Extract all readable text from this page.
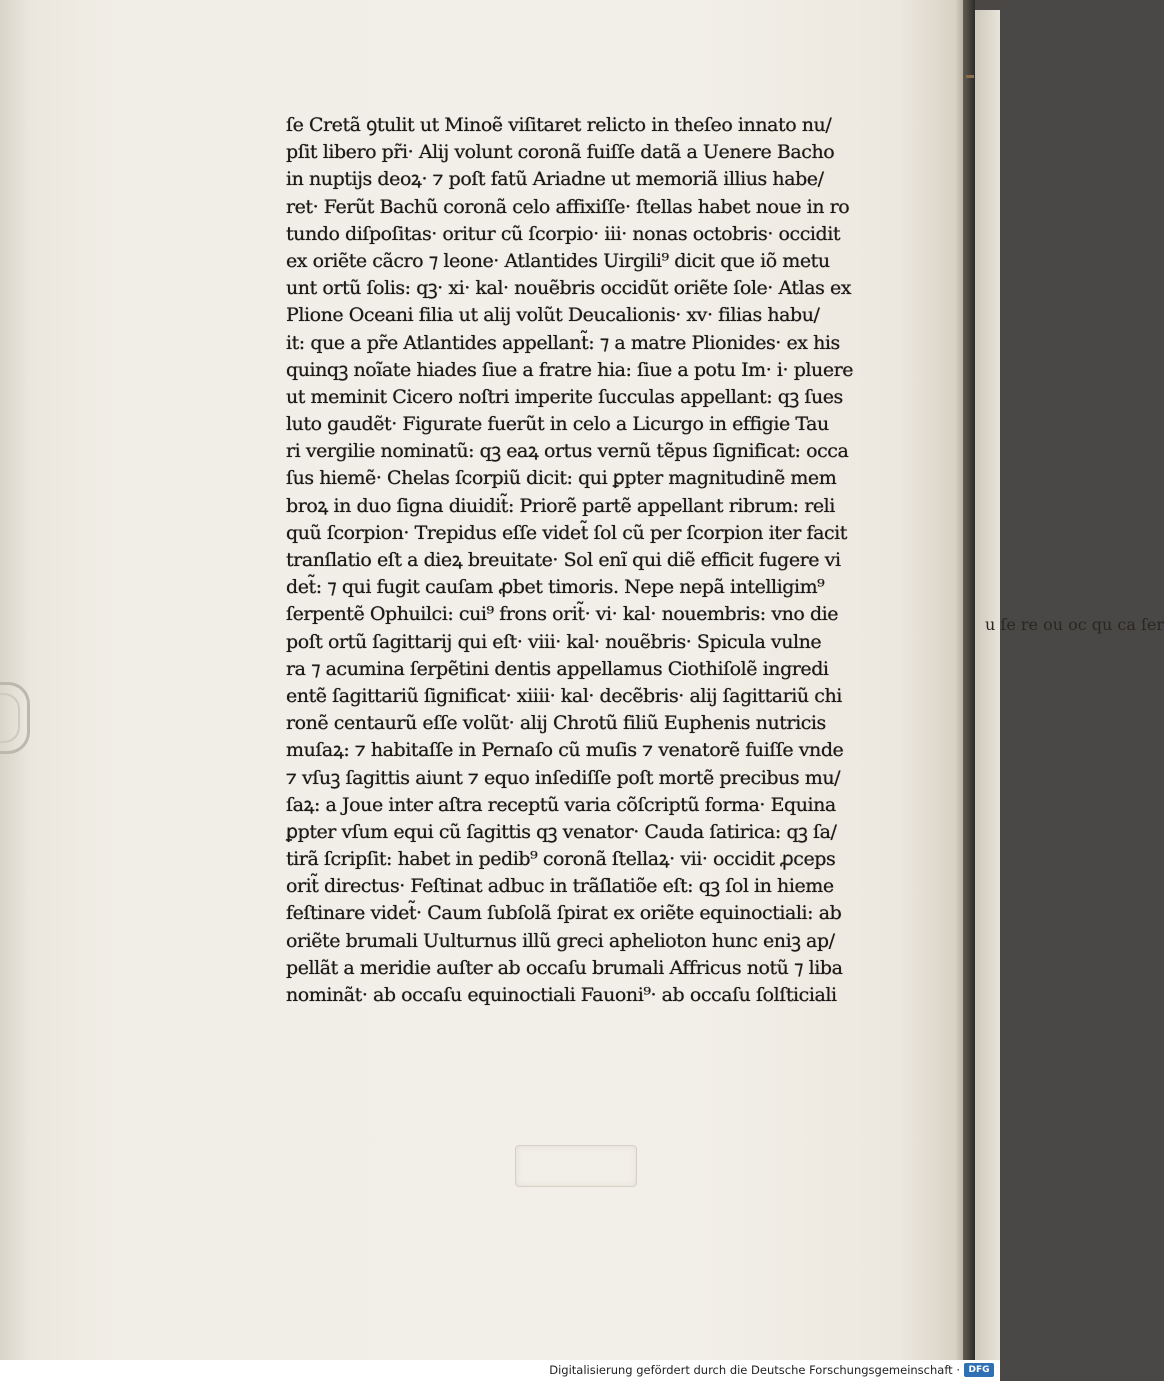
u ſe re ou oc qu ca ſer
ſe Cretã ꝯtulit ut Minoẽ viſitaret relicto in theſeo innato nu/
pſit libero pr̃i· Alij volunt coronã fuiſſe datã a Uenere Bacho
in nuptijs deoꝝ· ⁊ poſt fatũ Ariadne ut memoriã illius habe/
ret· Ferũt Bachũ coronã celo affixiſſe· ſtellas habet noue in ro
tundo diſpoſitas· oritur cũ ſcorpio· iii· nonas octobris· occidit
ex oriẽte cãcro ⁊ leone· Atlantides Uirgili⁹ dicit que iõ metu
unt ortũ ſolis: qꝫ· xi· kal· nouẽbris occidũt oriẽte ſole· Atlas ex
Plione Oceani filia ut alij volũt Deucalionis· xv· filias habu/
it: que a pr̃e Atlantides appellant̃: ⁊ a matre Plionides· ex his
quinqꝫ noĩate hiades ſiue a fratre hia: ſiue a potu Im· i· pluere
ut meminit Cicero noſtri imperite ſucculas appellant: qꝫ ſues
luto gaudẽt· Figurate fuerũt in celo a Licurgo in effigie Tau
ri vergilie nominatũ: qꝫ eaꝝ ortus vernũ tẽpus ſignificat: occa
ſus hiemẽ· Chelas ſcorpiũ dicit: qui ꝑpter magnitudinẽ mem
broꝝ in duo ſigna diuidit̃: Priorẽ partẽ appellant ribrum: reli
quũ ſcorpion· Trepidus eſſe videt̃ ſol cũ per ſcorpion iter facit
tranſlatio eſt a dieꝝ breuitate· Sol enĩ qui diẽ efficit fugere vi
det̃: ⁊ qui fugit cauſam ꝓbet timoris. Nepe nepã intelligim⁹
ſerpentẽ Ophuilci: cui⁹ frons orit̃· vi· kal· nouembris: vno die
poſt ortũ ſagittarij qui eſt· viii· kal· nouẽbris· Spicula vulne
ra ⁊ acumina ſerpẽtini dentis appellamus Ciothiſolẽ ingredi
entẽ ſagittariũ ſignificat· xiiii· kal· decẽbris· alij ſagittariũ chi
ronẽ centaurũ eſſe volũt· alij Chrotũ filiũ Euphenis nutricis
muſaꝝ: ⁊ habitaſſe in Pernaſo cũ muſis ⁊ venatorẽ fuiſſe vnde
⁊ vſuꝫ ſagittis aiunt ⁊ equo inſediſſe poſt mortẽ precibus mu/
ſaꝝ: a Joue inter aſtra receptũ varia cõſcriptũ forma· Equina
ꝑpter vſum equi cũ ſagittis qꝫ venator· Cauda ſatirica: qꝫ ſa/
tirã ſcripſit: habet in pedib⁹ coronã ſtellaꝝ· vii· occidit ꝓceps
orit̃ directus· Feſtinat adbuc in trãſlatiõe eſt: qꝫ ſol in hieme
feſtinare videt̃· Caum ſubſolã ſpirat ex oriẽte equinoctiali: ab
oriẽte brumali Uulturnus illũ greci aphelioton hunc eniꝫ ap/
pellãt a meridie auſter ab occaſu brumali Affricus notũ ⁊ liba
nominãt· ab occaſu equinoctiali Fauoni⁹· ab occaſu ſolſticiali
Digitalisierung gefördert durch die Deutsche Forschungsgemeinschaft · DFG
